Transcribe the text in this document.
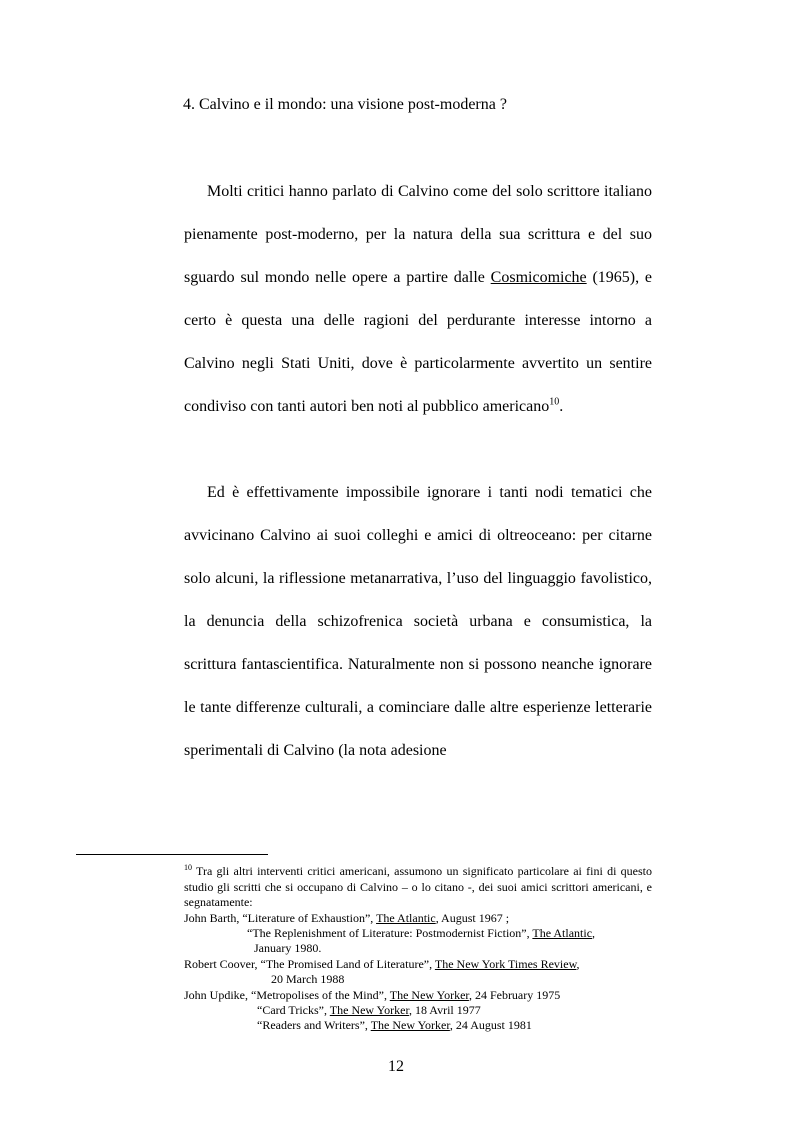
4. Calvino e il mondo: una visione post-moderna ?

Molti critici hanno parlato di Calvino come del solo scrittore italiano pienamente post-moderno, per la natura della sua scrittura e del suo sguardo sul mondo nelle opere a partire dalle Cosmicomiche (1965), e certo è questa una delle ragioni del perdurante interesse intorno a Calvino negli Stati Uniti, dove è particolarmente avvertito un sentire condiviso con tanti autori ben noti al pubblico americano$^{10}$.

Ed è effettivamente impossibile ignorare i tanti nodi tematici che avvicinano Calvino ai suoi colleghi e amici di oltreoceano: per citarne solo alcuni, la riflessione metanarrativa, l’uso del linguaggio favolistico, la denuncia della schizofrenica società urbana e consumistica, la scrittura fantascientifica. Naturalmente non si possono neanche ignorare le tante differenze culturali, a cominciare dalle altre esperienze letterarie sperimentali di Calvino (la nota adesione

$^{10}$ Tra gli altri interventi critici americani, assumono un significato particolare ai fini di questo studio gli scritti che si occupano di Calvino – o lo citano -, dei suoi amici scrittori americani, e segnatamente:

John Barth, “Literature of Exhaustion”, The Atlantic, August 1967 ;
“The Replenishment of Literature: Postmodernist Fiction”, The Atlantic,
January 1980.
Robert Coover, “The Promised Land of Literature”, The New York Times Review,
20 March 1988
John Updike, “Metropolises of the Mind”, The New Yorker, 24 February 1975
“Card Tricks”, The New Yorker, 18 Avril 1977
“Readers and Writers”, The New Yorker, 24 August 1981
12
